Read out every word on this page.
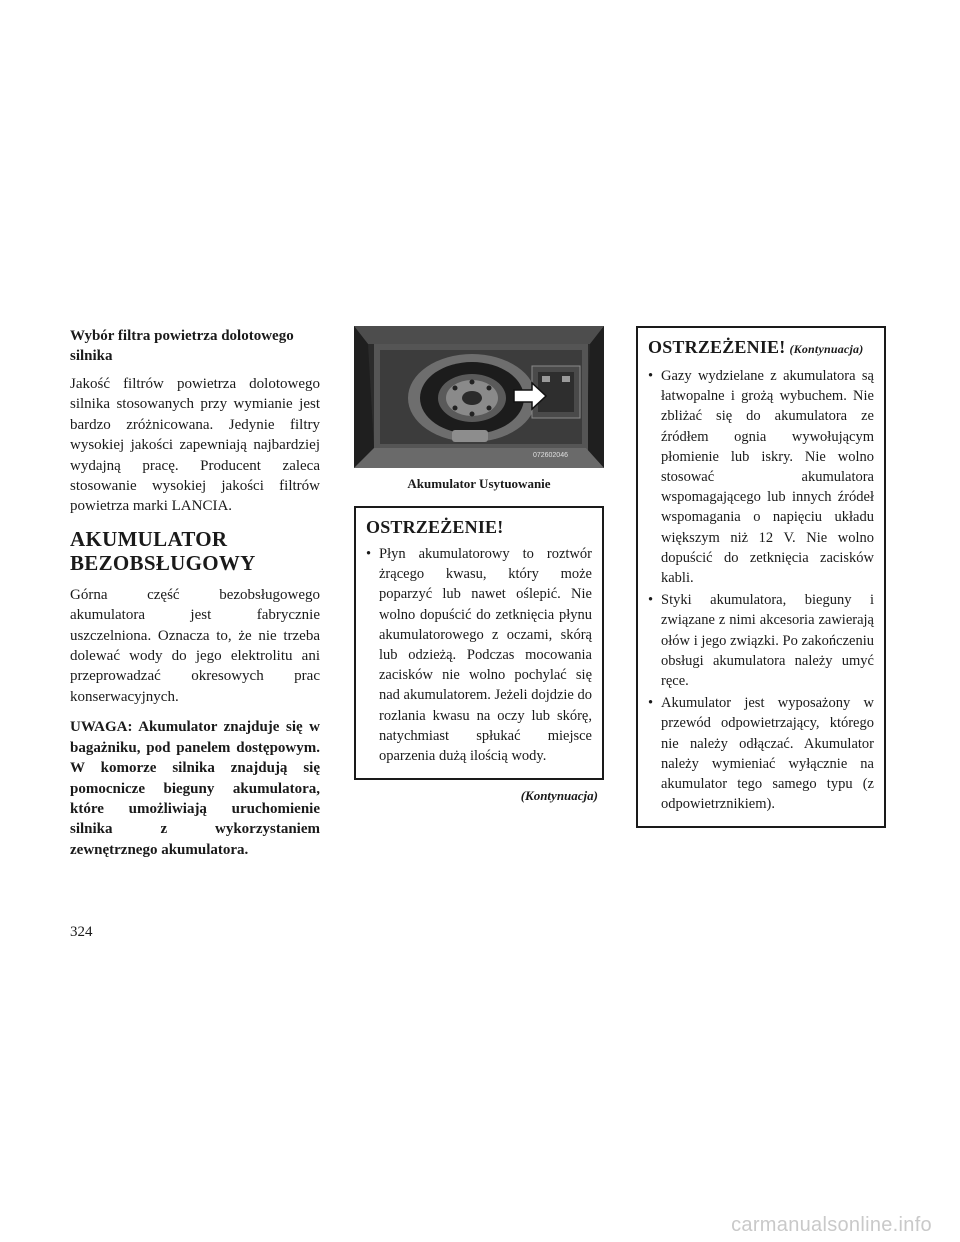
Wybór filtra powietrza dolotowego silnika

Jakość filtrów powietrza dolotowego silnika stosowanych przy wymianie jest bardzo zróżnicowana. Jedynie filtry wysokiej jakości zapewniają najbardziej wydajną pracę. Producent zaleca stosowanie wysokiej jakości filtrów powietrza marki LANCIA.

AKUMULATOR BEZOBSŁUGOWY

Górna część bezobsługowego akumulatora jest fabrycznie uszczelniona. Oznacza to, że nie trzeba dolewać wody do jego elektrolitu ani przeprowadzać okresowych prac konserwacyjnych.

UWAGA: Akumulator znajduje się w bagażniku, pod panelem dostępowym. W komorze silnika znajdują się pomocnicze bieguny akumulatora, które umożliwiają uruchomienie silnika z wykorzystaniem zewnętrznego akumulatora.

072602046
Akumulator Usytuowanie
OSTRZEŻENIE!
• Płyn akumulatorowy to roztwór żrącego kwasu, który może poparzyć lub nawet oślepić. Nie wolno dopuścić do zetknięcia płynu akumulatorowego z oczami, skórą lub odzieżą. Podczas mocowania zacisków nie wolno pochylać się nad akumulatorem. Jeżeli dojdzie do rozlania kwasu na oczy lub skórę, natychmiast spłukać miejsce oparzenia dużą ilością wody.
(Kontynuacja)
OSTRZEŻENIE! (Kontynuacja)
• Gazy wydzielane z akumulatora są łatwopalne i grożą wybuchem. Nie zbliżać się do akumulatora ze źródłem ognia wywołującym płomienie lub iskry. Nie wolno stosować akumulatora wspomagającego lub innych źródeł wspomagania o napięciu układu większym niż 12 V. Nie wolno dopuścić do zetknięcia zacisków kabli.
• Styki akumulatora, bieguny i związane z nimi akcesoria zawierają ołów i jego związki. Po zakończeniu obsługi akumulatora należy umyć ręce.
• Akumulator jest wyposażony w przewód odpowietrzający, którego nie należy odłączać. Akumulator należy wymieniać wyłącznie na akumulator tego samego typu (z odpowietrznikiem).
324
carmanualsonline.info
